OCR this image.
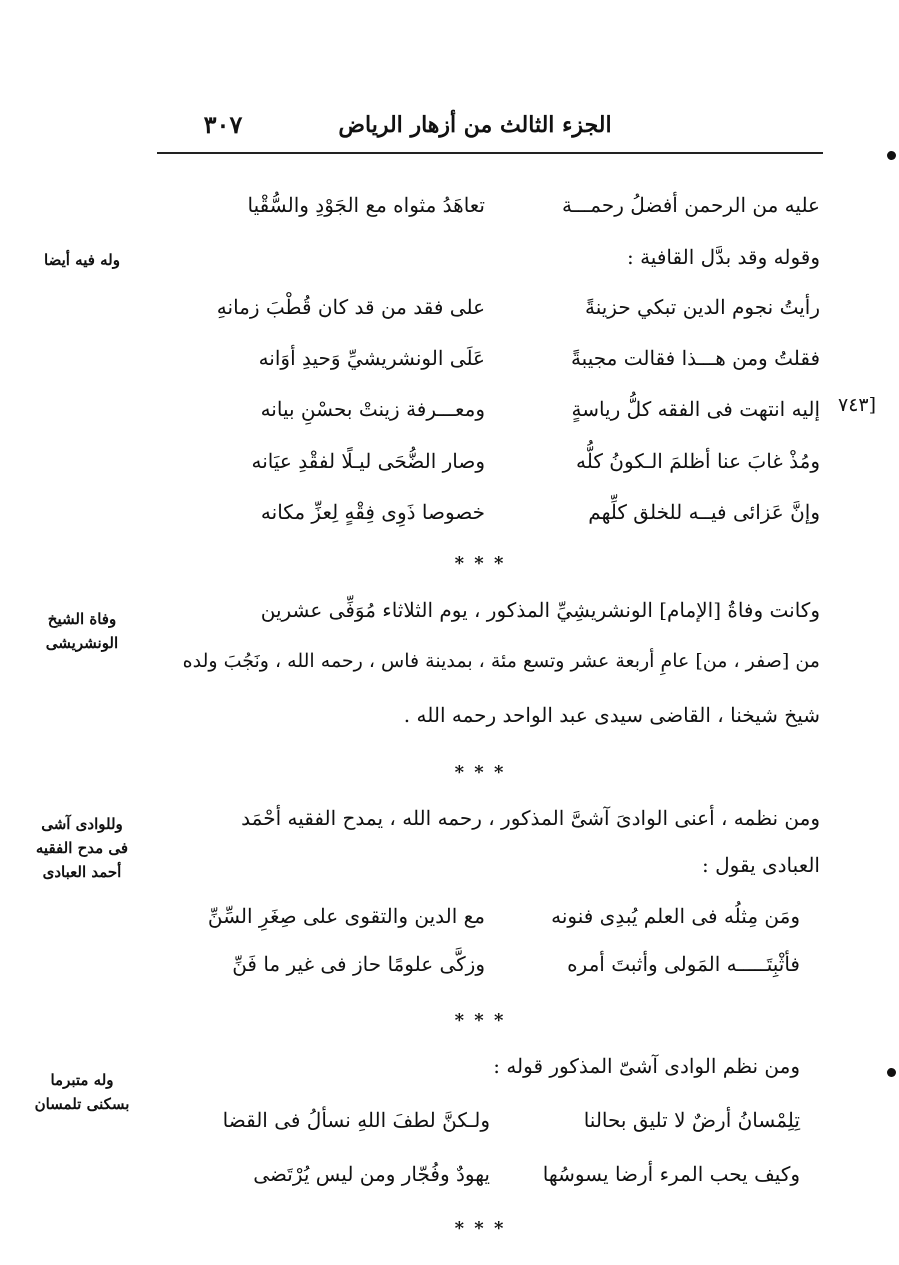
الجزء الثالث من أزهار الرياض
٣٠٧
عليه من الرحمن أفضلُ رحمـــة
تعاهَدُ مثواه مع الجَوْدِ والسُّقْيا
وقوله وقد بدَّل القافية :
وله فيه أيضا
رأيتُ نجوم الدين تبكي حزينةً
على فقد من قد كان قُطْبَ زمانهِ
فقلتُ ومن هـــذا فقالت مجيبةً
عَلَى الونشريشيِّ وَحيدِ أوَانه
إليه انتهت فى الفقه كلُّ رياسةٍ
ومعـــرفة زينتْ بحسْنِ بيانه
ومُذْ غابَ عنا أظلمَ الـكونُ كلُّه
وصار الضُّحَى ليـلًا لفقْدِ عيَانه
وإنَّ عَزائى فيــه للخلق كلِّهم
خصوصا ذَوِى فِقْهٍ لِعزِّ مكانه
[٧٤٣
* * *
وكانت وفاةُ [الإمام] الونشريشِيِّ المذكور ، يوم الثلاثاء مُوَفِّى عشرين
من [صفر ، من] عامِ أربعة عشر وتسع مئة ، بمدينة فاس ، رحمه الله ، ونَجُبَ ولده
شيخ شيخنا ، القاضى سيدى عبد الواحد رحمه الله .
وفاة الشيخ
الونشريشى
* * *
ومن نظمه ، أعنى الوادىَ آشىَّ المذكور ، رحمه الله ، يمدح الفقيه أحْمَد
العبادى يقول :
وللوادى آشى
فى مدح الفقيه
أحمد العبادى
ومَن مِثلُه فى العلم يُبدِى فنونه
مع الدين والتقوى على صِغَرِ السِّنِّ
فأثْبِتَـــــه المَولى وأثبتَ أمره
وزكَّى علومًا حاز فى غير ما فَنِّ
* * *
ومن نظم الوادى آشىّ المذكور قوله :
وله متبرما
بسكنى تلمسان
تِلِمْسانُ أرضٌ لا تليق بحالنا
ولـكنَّ لطفَ اللهِ نسألُ فى القضا
وكيف يحب المرء أرضا يسوسُها
يهودٌ وفُجّار ومن ليس يُرْتَضى
* * *
